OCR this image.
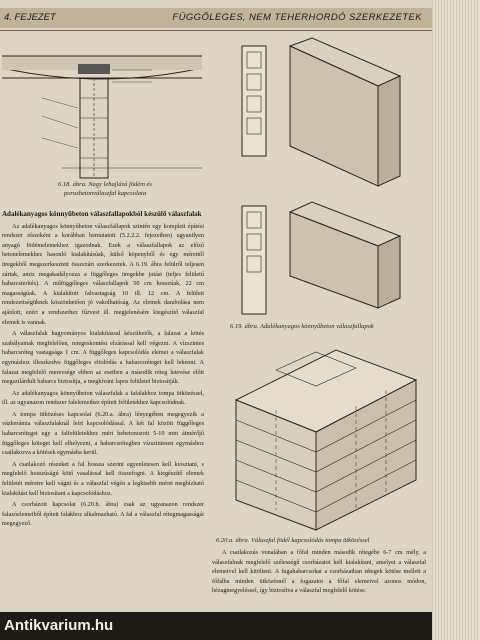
4. FEJEZET	FÜGGŐLEGES, NEM TEHERHORDÓ SZERKEZETEK
6.18. ábra. Nagy lehajlású födém és porushetonválaszfal kapcsolata
6.19. ábra. Adalékanyagos könnyűbeton válaszfallapok
6.20.a. ábra. Válaszfal födél kapcsolódás tompa ütközéssel
Adalékanyagos könnyűbeton válaszfallapokból készülő válaszfalak

Az adalékanyagos könnyűbeton válaszfallapok szintén egy komplett építési rendszer részeként a korábban bemutatott (5.2.2.2. fejezetben) ugyanilyen anyagú födémelemekhez igazodnak. Ezek a válaszfallapok az előző betonelemekhez hasonló kialakításúak, külső köpenyből és egy mérettől üregekből megszerkesztett összezárt szerkezetek. A 6.19. ábra felülről teljesen zártak, amiz megakadályozza a függőleges üregekbe jutást (teljes felületű habarcsterítés). A műfüggőleges válaszfallapok 50 cm hosszúak, 22 cm magasságúak. A kialakított falvastagság 10 ill. 12 cm. A felületi rendezettségüknek köszönhetően jó vakolhatóság. Az elemek darabolása nem ajánlott, ezért a rendszerhez fűzvest ill. megjelenésére kiegészítő válaszfal elemek is vannak.

A válaszfalak hagyományos kialakítással készíthetők, a falazat a kötés szabályainak megfelelően, retegeskontést elzárással kell végezni. A vízszintes habarcsréteg vastagsága 1 cm. A függőleges kapcsolódás elemei a válaszfalak egymáshoz illeszkedve függőleges eltolódás a habarcsréteget kell lekenni. A falazat megfelelő merevsége ebben az esetben a második réteg letevése előtt megszilárdult habarcs biztosítja, a megkívánt lapos felületet biztosítják.

Az adalékanyagos könnyűbeton válaszfalak a fafalakhoz tompa ütközéssel, ill. az ugyanazon rendszer falelemeihez épített felületekhez kapcsolódnak.

A tompa ütközéses kapcsolat (6.20.a. ábra) lényegében megegyezik a vázkerámia válaszfalaknál leírt kapcsolódással. A két fal között függőleges habarcsréteget egy a falfelületekhez mért bebetonozott 5-10 mm átmérőjű függőleges köteget kell elhelyezni, a habarcsrétegben vízszintesen egymáshoz csatlakozva a kötések egymásba kerül.

A csatlakozó részeket a fal hossza szerint egyenletesen kell kiosztani, s megfelelő hosszúságú kötő vasalással kell összefogni. A kiegészítő elemek felületét méretre kell vágni és a válaszfal végén a legkisebb méret megbízható kialakítást kell biztosítani a kapcsolódáshoz.

A csorbázott kapcsolat (6.20.b. ábra) csak az ugyanazon rendszer falazóelemeiből épített falakhoz alkalmazható. A fal a válaszfal rétegmagasságát megegyező.

A csatlakozás vonalában a főfal minden második rétegébe 6-7 cm mély, a válaszfalnak megfelelő szélességű csorbázatot kell kialakítani, amelyet a válaszfal elemeivel kell kitölteni. A fugahabarcsokat a csorbázatban rétegek kötése mellett a főfalba minden ütközésnél a fogazatot a főfal elemeivel azonos módon, hézagmegyeléssel, így biztosítva a válaszfal megfelelő kötése.

Antikvarium.hu
